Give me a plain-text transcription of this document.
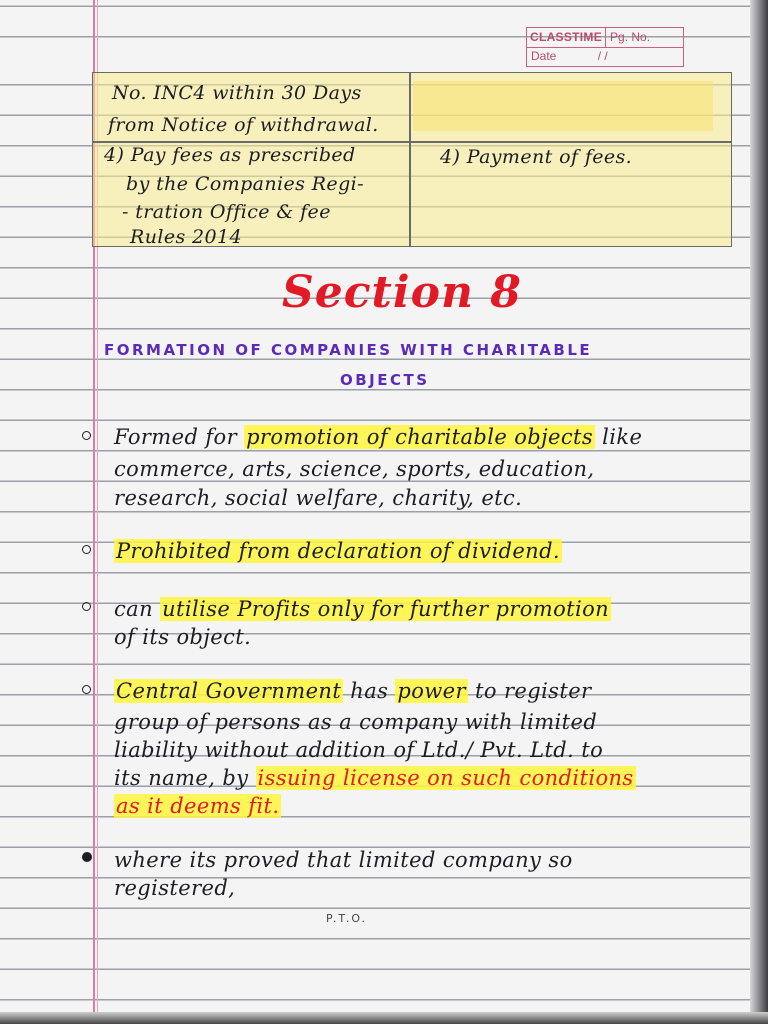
CLASSTIME Pg. No.
Date	/ /
No. INC4 within 30 Days
from Notice of withdrawal.
4) Pay fees as prescribed
by the Companies Regi-
- tration Office & fee
Rules 2014
4) Payment of fees.
Section 8
FORMATION OF COMPANIES WITH CHARITABLE
OBJECTS
Formed for promotion of charitable objects like
commerce, arts, science, sports, education,
research, social welfare, charity, etc.
Prohibited from declaration of dividend.
can utilise Profits only for further promotion
of its object.
Central Government has power to register
group of persons as a company with limited
liability without addition of Ltd./ Pvt. Ltd. to
its name, by issuing license on such conditions
as it deems fit.
where its proved that limited company so
registered,
P.T.O.
